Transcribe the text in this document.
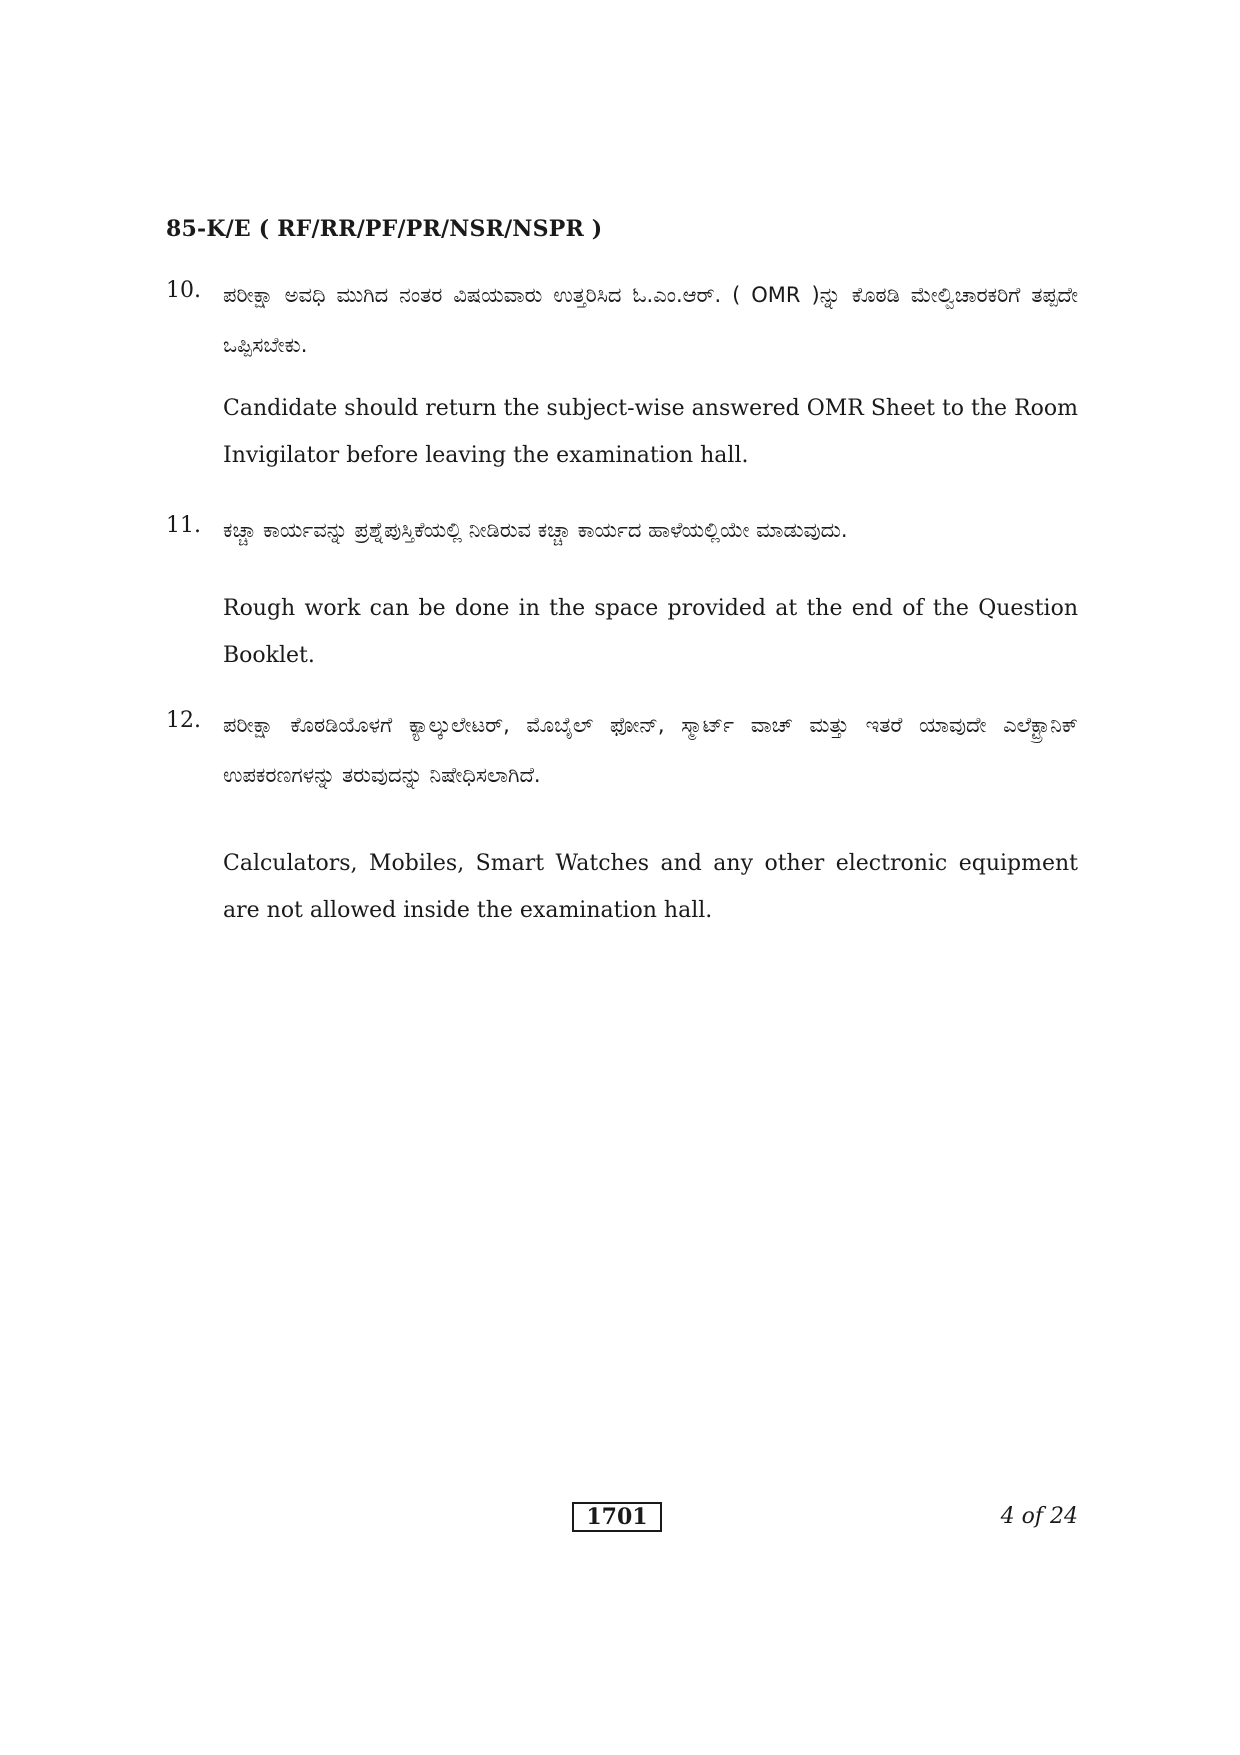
85-K/E ( RF/RR/PF/PR/NSR/NSPR )
10. ಪರೀಕ್ಷಾ ಅವಧಿ ಮುಗಿದ ನಂತರ ವಿಷಯವಾರು ಉತ್ತರಿಸಿದ ಓ.ಎಂ.ಆರ್. ( OMR )ನ್ನು ಕೊಠಡಿ ಮೇಲ್ವಿಚಾರಕರಿಗೆ ತಪ್ಪದೇ ಒಪ್ಪಿಸಬೇಕು.
Candidate should return the subject-wise answered OMR Sheet to the Room Invigilator before leaving the examination hall.
11. ಕಚ್ಚಾ ಕಾರ್ಯವನ್ನು ಪ್ರಶ್ನೆಪುಸ್ತಿಕೆಯಲ್ಲಿ ನೀಡಿರುವ ಕಚ್ಚಾ ಕಾರ್ಯದ ಹಾಳೆಯಲ್ಲಿಯೇ ಮಾಡುವುದು.
Rough work can be done in the space provided at the end of the Question Booklet.
12. ಪರೀಕ್ಷಾ ಕೊಠಡಿಯೊಳಗೆ ಕ್ಯಾಲ್ಕುಲೇಟರ್, ಮೊಬೈಲ್ ಫೋನ್, ಸ್ಮಾರ್ಟ್ ವಾಚ್ ಮತ್ತು ಇತರೆ ಯಾವುದೇ ಎಲೆಕ್ಟ್ರಾನಿಕ್ ಉಪಕರಣಗಳನ್ನು ತರುವುದನ್ನು ನಿಷೇಧಿಸಲಾಗಿದೆ.
Calculators, Mobiles, Smart Watches and any other electronic equipment are not allowed inside the examination hall.
1701	4 of 24
